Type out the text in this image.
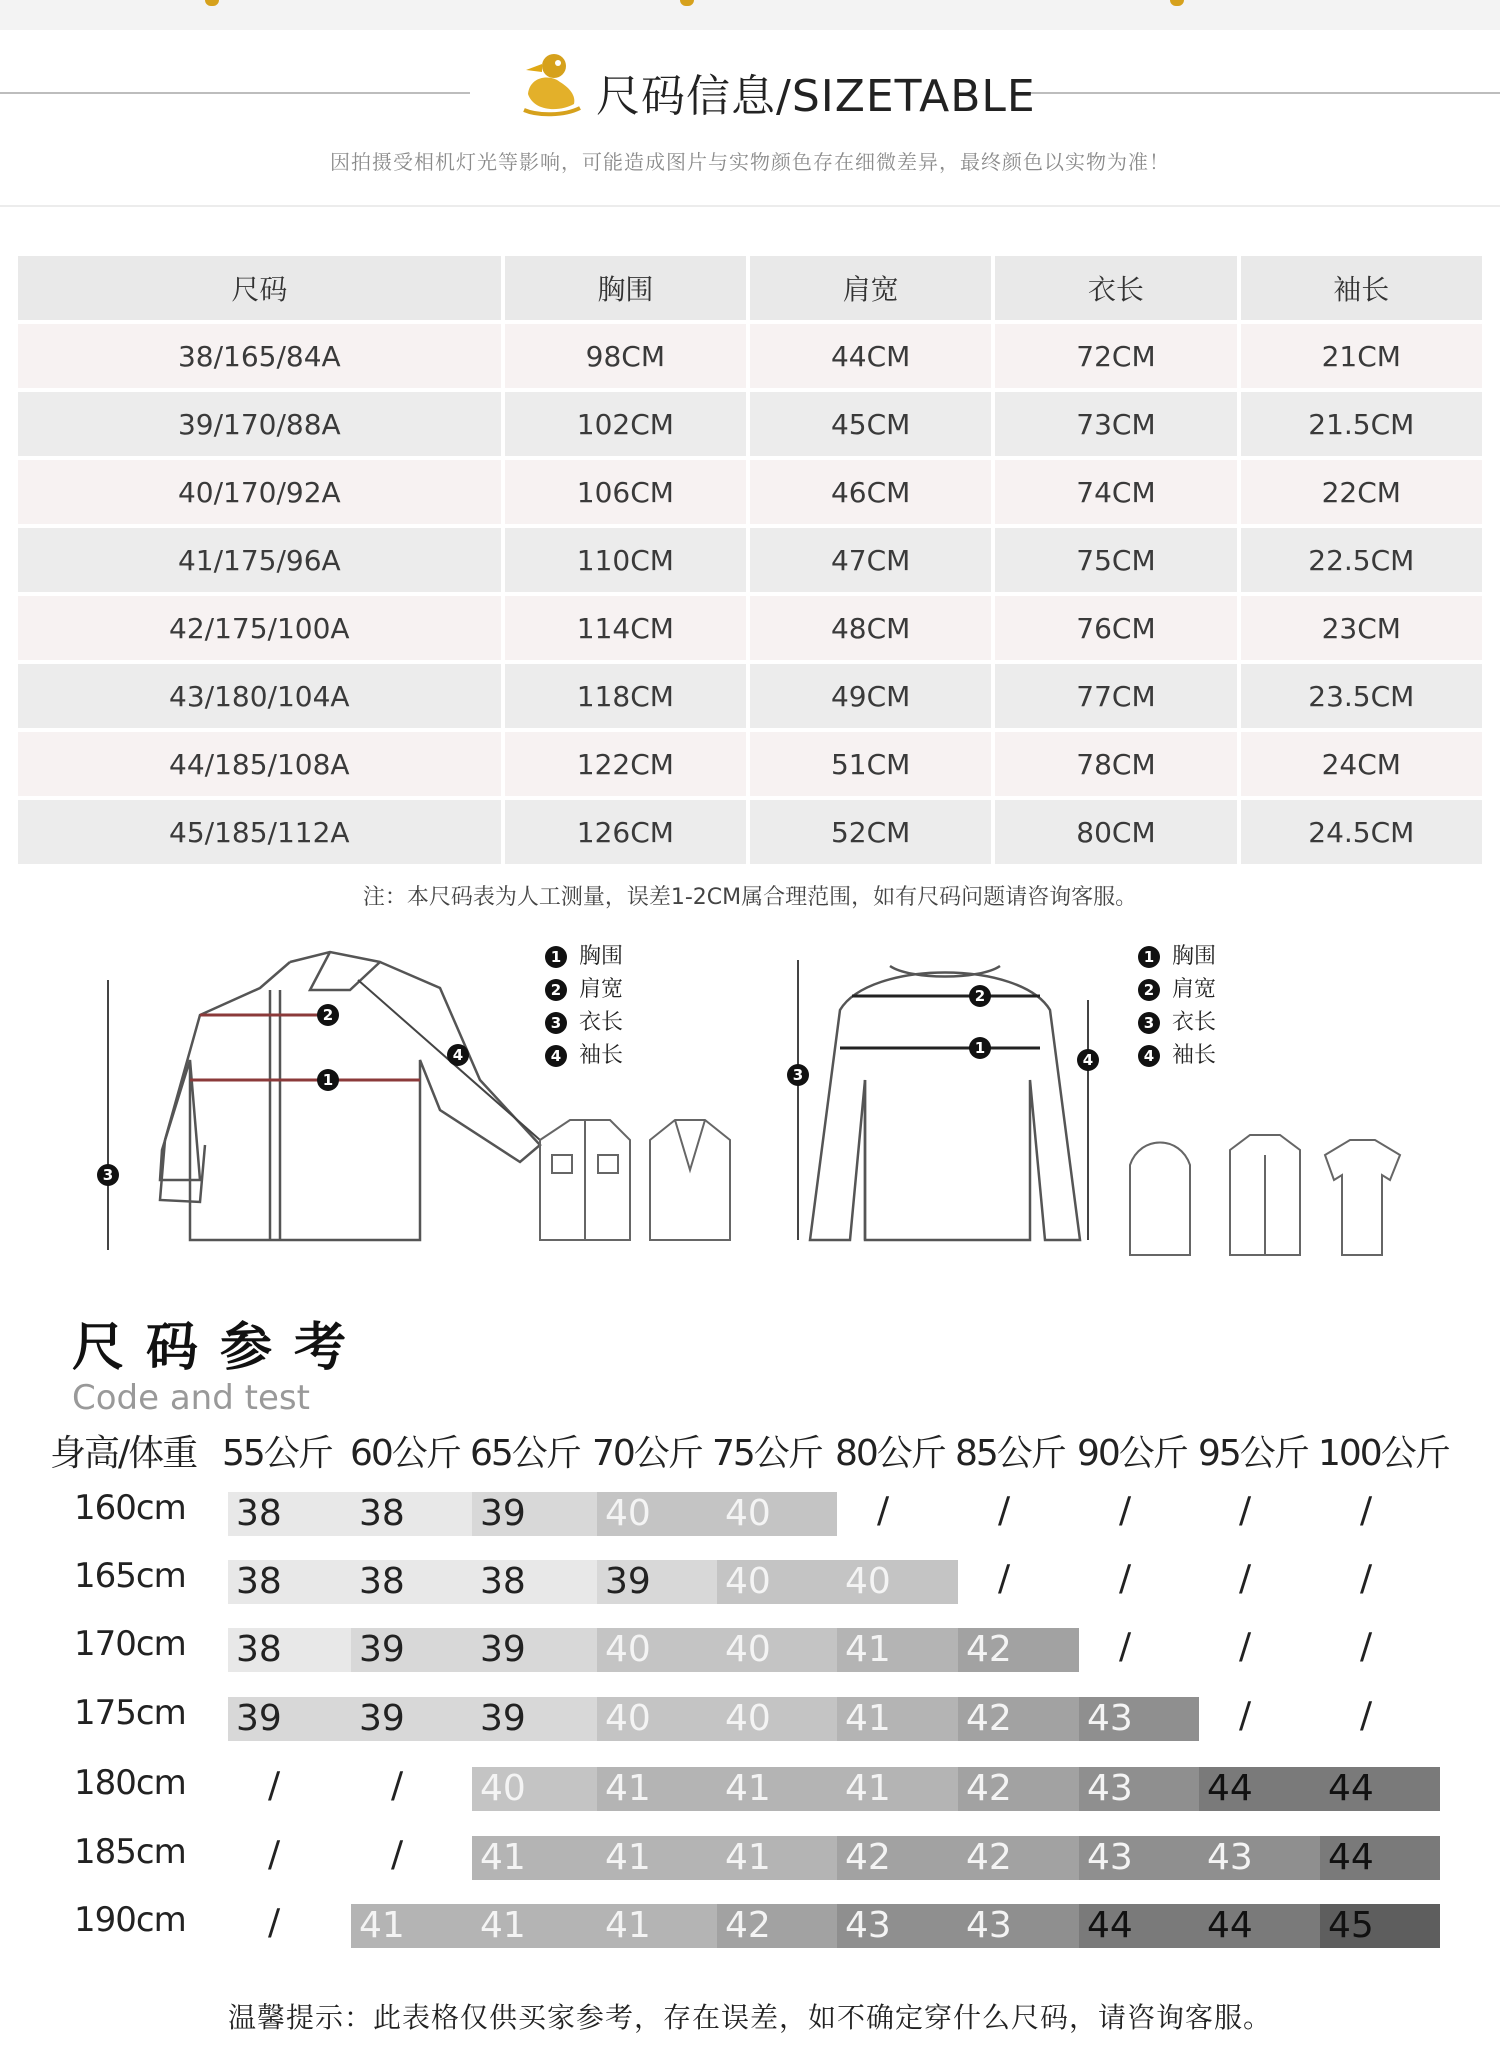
尺码信息/SIZETABLE
因拍摄受相机灯光等影响，可能造成图片与实物颜色存在细微差异，最终颜色以实物为准！
尺码	胸围	肩宽	衣长	袖长
38/165/84A	98CM	44CM	72CM	21CM
39/170/88A	102CM	45CM	73CM	21.5CM
40/170/92A	106CM	46CM	74CM	22CM
41/175/96A	110CM	47CM	75CM	22.5CM
42/175/100A	114CM	48CM	76CM	23CM
43/180/104A	118CM	49CM	77CM	23.5CM
44/185/108A	122CM	51CM	78CM	24CM
45/185/112A	126CM	52CM	80CM	24.5CM
注：本尺码表为人工测量，误差1-2CM属合理范围，如有尺码问题请咨询客服。
2
1
3
4
1 胸围
2 肩宽
3 衣长
4 袖长
2
1
3
4
1 胸围
2 肩宽
3 衣长
4 袖长
尺码参考
Code and test
身高/体重 55公斤 60公斤 65公斤 70公斤 75公斤 80公斤 85公斤 90公斤 95公斤 100公斤
160cm 38	38	39	40	40	/	/	/	/	/
165cm 38	38	38	39	40	40	/	/	/	/
170cm 38	39	39	40	40	41	42	/	/	/
175cm 39	39	39	40	40	41	42	43	/	/
180cm /	/ 40	41	41	41	42	43	44	44
185cm /	/ 41	41	41	42	42	43	43	44
190cm / 41	41	41	42	43	43	44	44	45
温馨提示：此表格仅供买家参考，存在误差，如不确定穿什么尺码，请咨询客服。
